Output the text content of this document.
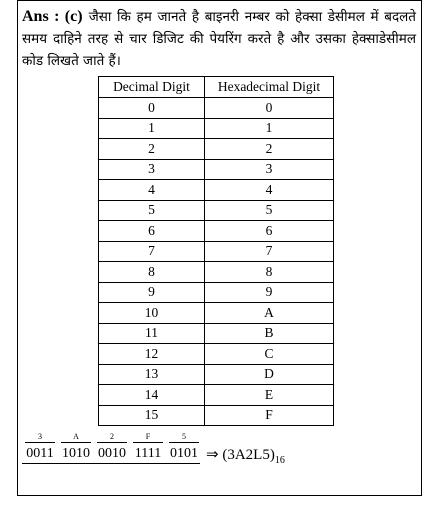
Ans : (c) जैसा कि हम जानते है बाइनरी नम्बर को हेक्सा डेसीमल में बदलते समय दाहिने तरह से चार डिजिट की पेयरिंग करते है और उसका हेक्साडेसीमल कोड लिखते जाते हैं।
Decimal Digit	Hexadecimal Digit
0	0
1	1
2	2
3	3
4	4
5	5
6	6
7	7
8	8
9	9
10	A
11	B
12	C
13	D
14	E
15	F
3
0011
A
1010
2
0010
F
1111
5
0101 ⇒ $(3A2L5)_{16}$
